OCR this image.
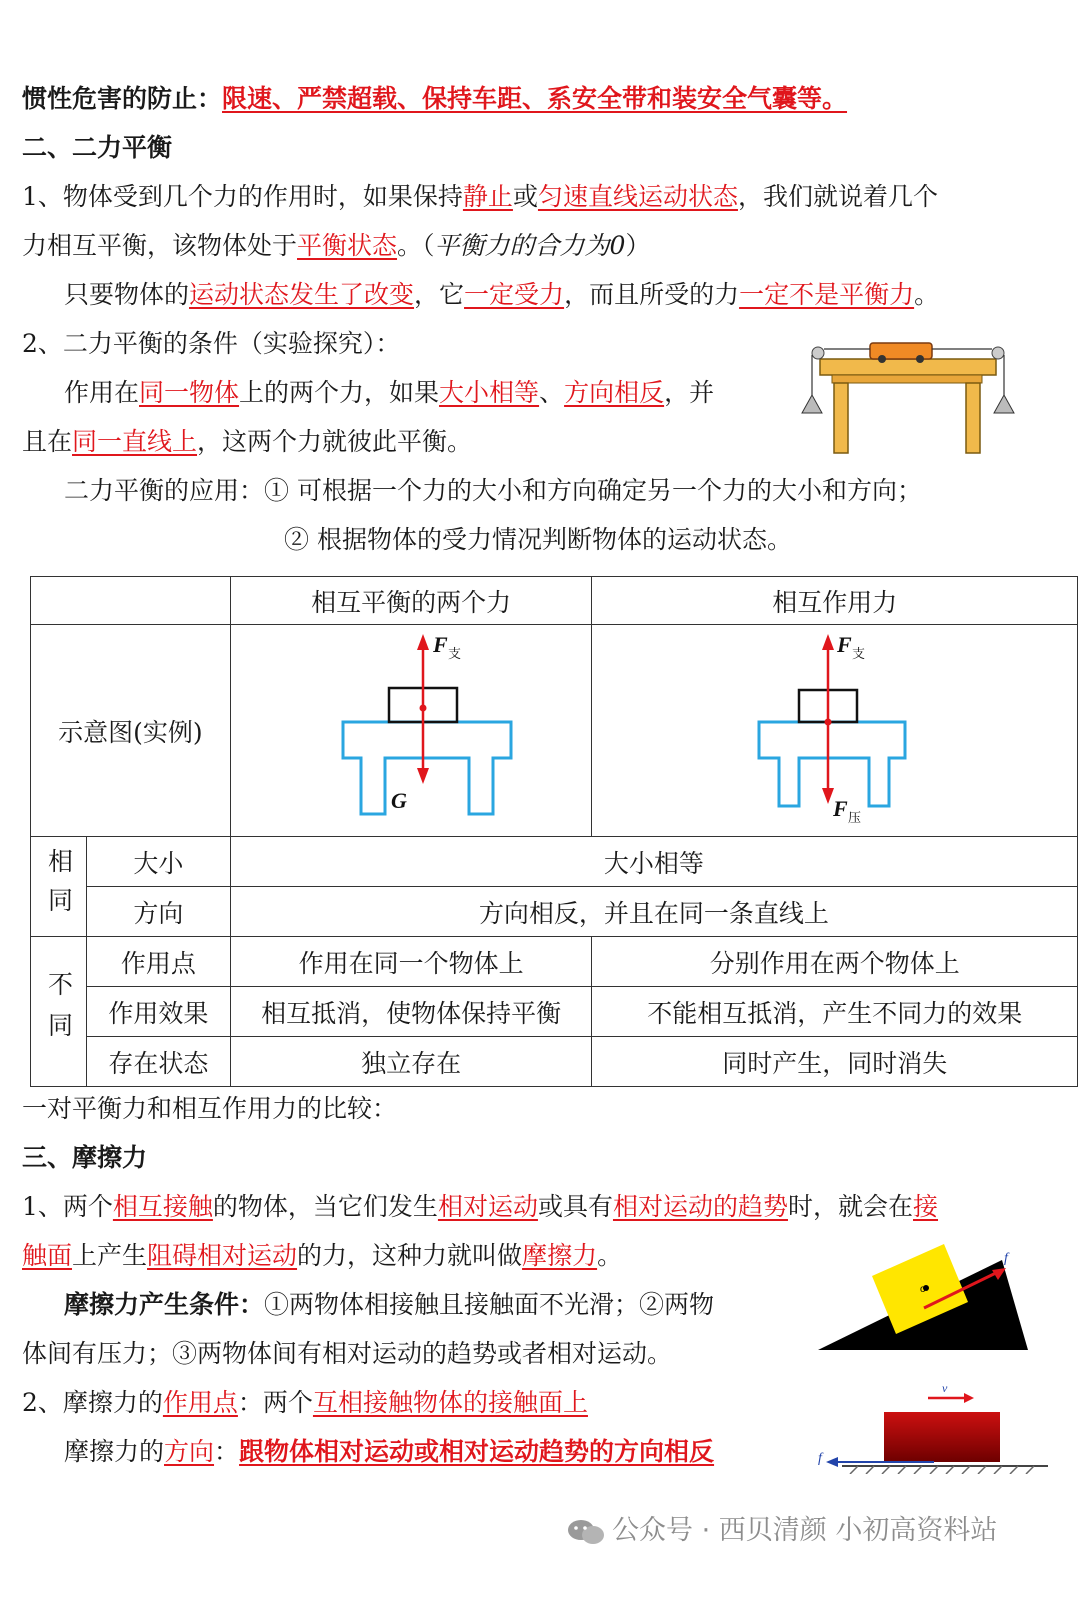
惯性危害的防止：限速、严禁超载、保持车距、系安全带和装安全气囊等。
二、二力平衡
1、物体受到几个力的作用时，如果保持静止或匀速直线运动状态，我们就说着几个
力相互平衡，该物体处于平衡状态。（平衡力的合力为0）
只要物体的运动状态发生了改变，它一定受力，而且所受的力一定不是平衡力。
2、二力平衡的条件（实验探究）：
作用在同一物体上的两个力，如果大小相等、方向相反，并
且在同一直线上，这两个力就彼此平衡。
二力平衡的应用：① 可根据一个力的大小和方向确定另一个力的大小和方向；
② 根据物体的受力情况判断物体的运动状态。
		相互平衡的两个力	相互作用力
示意图(实例)		F 支
G	F 支
F 压

相同	大小	大小相等	
	方向	方向相反，并且在同一条直线上	
不同	作用点	作用在同一个物体上	分别作用在两个物体上
	作用效果	相互抵消，使物体保持平衡	不能相互抵消，产生不同力的效果
	存在状态	独立存在	同时产生，同时消失
一对平衡力和相互作用力的比较：
三、摩擦力
1、两个相互接触的物体，当它们发生相对运动或具有相对运动的趋势时，就会在接
触面上产生阻碍相对运动的力，这种力就叫做摩擦力。
摩擦力产生条件：①两物体相接触且接触面不光滑；②两物
体间有压力；③两物体间有相对运动的趋势或者相对运动。
2、摩擦力的作用点：两个互相接触物体的接触面上
摩擦力的方向：跟物体相对运动或相对运动趋势的方向相反
o
f
v
f
公众号 · 西贝清颜 小初高资料站
